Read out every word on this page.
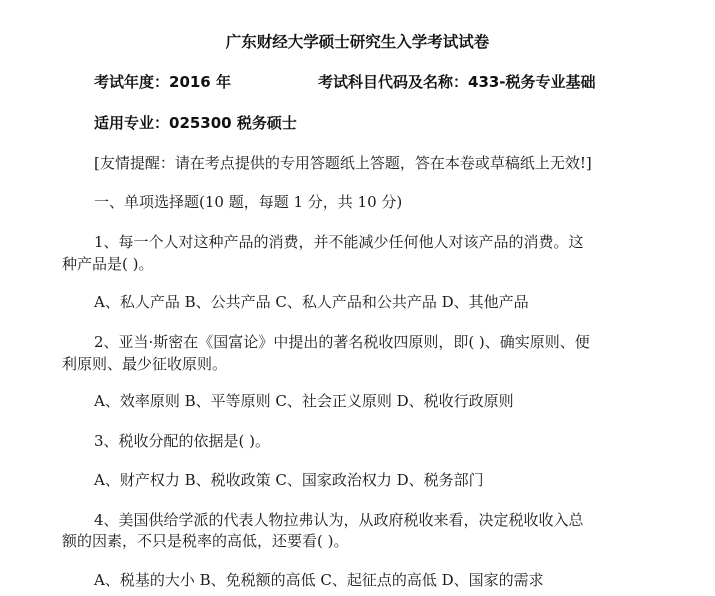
广东财经大学硕士研究生入学考试试卷
考试年度：2016 年	考试科目代码及名称：433-税务专业基础
适用专业：025300 税务硕士
[友情提醒：请在考点提供的专用答题纸上答题，答在本卷或草稿纸上无效!]
一、单项选择题(10 题，每题 1 分，共 10 分)
1、每一个人对这种产品的消费，并不能减少任何他人对该产品的消费。这
种产品是( )。
A、私人产品 B、公共产品 C、私人产品和公共产品 D、其他产品
2、亚当·斯密在《国富论》中提出的著名税收四原则，即( )、确实原则、便
利原则、最少征收原则。
A、效率原则 B、平等原则 C、社会正义原则 D、税收行政原则
3、税收分配的依据是( )。
A、财产权力 B、税收政策 C、国家政治权力 D、税务部门
4、美国供给学派的代表人物拉弗认为，从政府税收来看，决定税收收入总
额的因素，不只是税率的高低，还要看( )。
A、税基的大小 B、免税额的高低 C、起征点的高低 D、国家的需求
